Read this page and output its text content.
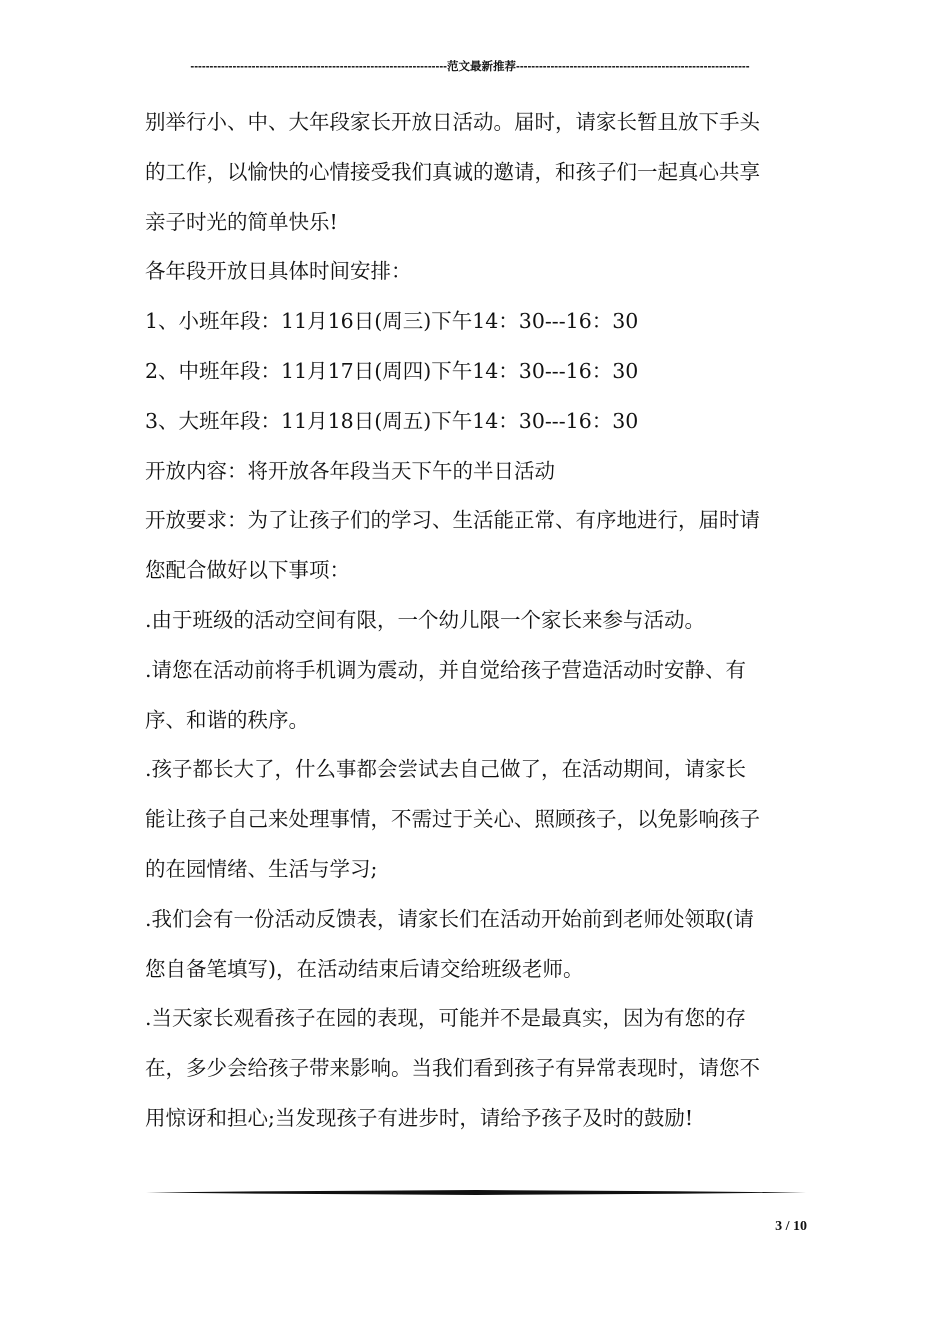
-------------------------------------------------------------------范文最新推荐-------------------------------------------------------------
别举行小、中、大年段家长开放日活动。届时，请家长暂且放下手头
的工作，以愉快的心情接受我们真诚的邀请，和孩子们一起真心共享
亲子时光的简单快乐!
各年段开放日具体时间安排：
1、小班年段：11月16日(周三)下午14：30---16：30
2、中班年段：11月17日(周四)下午14：30---16：30
3、大班年段：11月18日(周五)下午14：30---16：30
开放内容：将开放各年段当天下午的半日活动
开放要求：为了让孩子们的学习、生活能正常、有序地进行，届时请
您配合做好以下事项：
.由于班级的活动空间有限，一个幼儿限一个家长来参与活动。
.请您在活动前将手机调为震动，并自觉给孩子营造活动时安静、有
序、和谐的秩序。
.孩子都长大了，什么事都会尝试去自己做了，在活动期间，请家长
能让孩子自己来处理事情，不需过于关心、照顾孩子，以免影响孩子
的在园情绪、生活与学习;
.我们会有一份活动反馈表，请家长们在活动开始前到老师处领取(请
您自备笔填写)，在活动结束后请交给班级老师。
.当天家长观看孩子在园的表现，可能并不是最真实，因为有您的存
在，多少会给孩子带来影响。当我们看到孩子有异常表现时，请您不
用惊讶和担心;当发现孩子有进步时，请给予孩子及时的鼓励!
3 / 10
